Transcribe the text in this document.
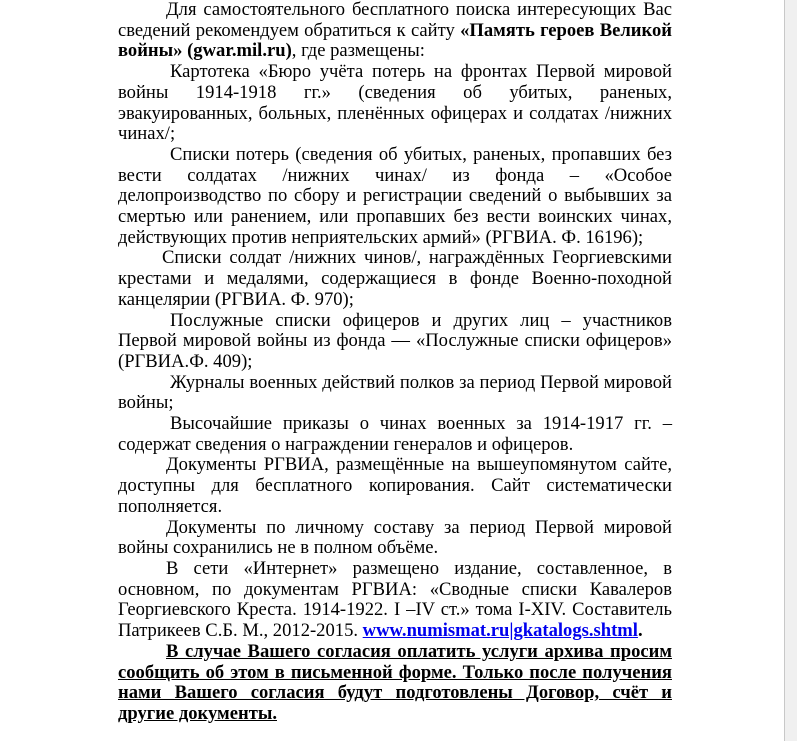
Для самостоятельного бесплатного поиска интересующих Вас сведений рекомендуем обратиться к сайту «Память героев Великой войны» (gwar.mil.ru), где размещены:

Картотека «Бюро учёта потерь на фронтах Первой мировой войны 1914-1918 гг.» (сведения об убитых, раненых, эвакуированных, больных, пленённых офицерах и солдатах /нижних чинах/;

Списки потерь (сведения об убитых, раненых, пропавших без вести солдатах /нижних чинах/ из фонда – «Особое делопроизводство по сбору и регистрации сведений о выбывших за смертью или ранением, или пропавших без вести воинских чинах, действующих против неприятельских армий» (РГВИА. Ф. 16196);

Списки солдат /нижних чинов/, награждённых Георгиевскими крестами и медалями, содержащиеся в фонде Военно-походной канцелярии (РГВИА. Ф. 970);

Послужные списки офицеров и других лиц – участников Первой мировой войны из фонда — «Послужные списки офицеров» (РГВИА.Ф. 409);

Журналы военных действий полков за период Первой мировой войны;

Высочайшие приказы о чинах военных за 1914-1917 гг. – содержат сведения о награждении генералов и офицеров.

Документы РГВИА, размещённые на вышеупомянутом сайте, доступны для бесплатного копирования. Сайт систематически пополняется.

Документы по личному составу за период Первой мировой войны сохранились не в полном объёме.

В сети «Интернет» размещено издание, составленное, в основном, по документам РГВИА: «Сводные списки Кавалеров Георгиевского Креста. 1914-1922. I –IV ст.» тома I-XIV. Составитель Патрикеев С.Б. М., 2012-2015. www.numismat.ru|gkatalogs.shtml.

В случае Вашего согласия оплатить услуги архива просим сообщить об этом в письменной форме. Только после получения нами Вашего согласия будут подготовлены Договор, счёт и другие документы.
